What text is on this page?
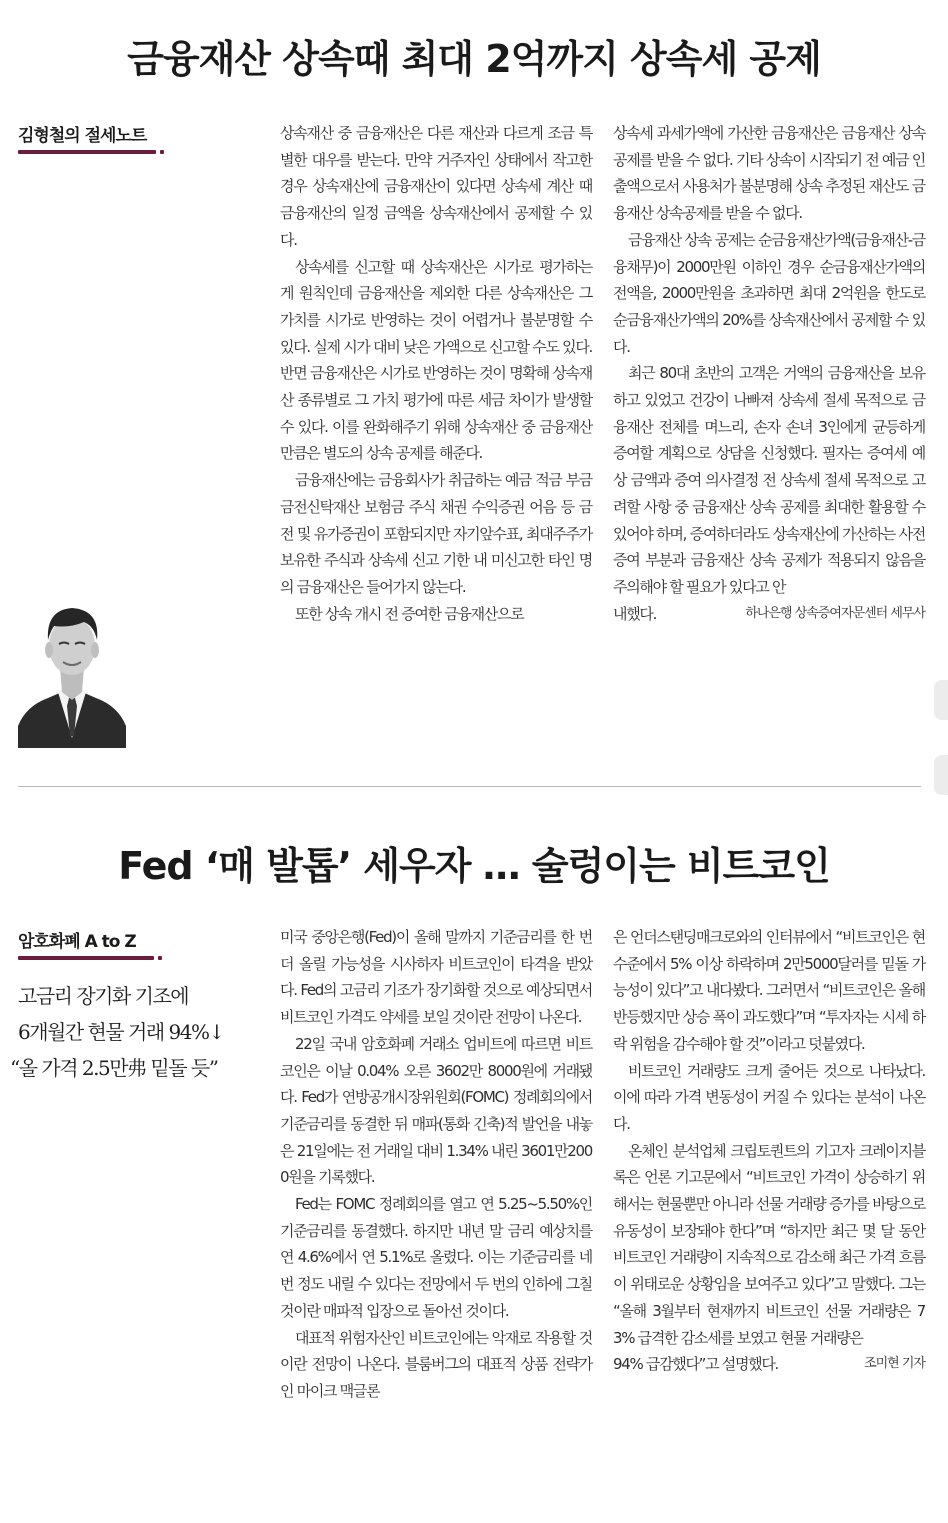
금융재산 상속때 최대 2억까지 상속세 공제
김형철의 절세노트	상속재산 중 금융재산은 다른 재산과 다르게 조금 특별한 대우를 받는다. 만약 거주자인 상태에서 작고한 경우 상속재산에 금융재산이 있다면 상속세 계산 때 금융재산의 일정 금액을 상속재산에서 공제할 수 있다.

상속세를 신고할 때 상속재산은 시가로 평가하는 게 원칙인데 금융재산을 제외한 다른 상속재산은 그 가치를 시가로 반영하는 것이 어렵거나 불분명할 수 있다. 실제 시가 대비 낮은 가액으로 신고할 수도 있다. 반면 금융재산은 시가로 반영하는 것이 명확해 상속재산 종류별로 그 가치 평가에 따른 세금 차이가 발생할 수 있다. 이를 완화해주기 위해 상속재산 중 금융재산만큼은 별도의 상속 공제를 해준다.

금융재산에는 금융회사가 취급하는 예금 적금 부금 금전신탁재산 보험금 주식 채권 수익증권 어음 등 금전 및 유가증권이 포함되지만 자기앞수표, 최대주주가 보유한 주식과 상속세 신고 기한 내 미신고한 타인 명의 금융재산은 들어가지 않는다.

또한 상속 개시 전 증여한 금융재산으로

상속세 과세가액에 가산한 금융재산은 금융재산 상속 공제를 받을 수 없다. 기타 상속이 시작되기 전 예금 인출액으로서 사용처가 불분명해 상속 추정된 재산도 금융재산 상속공제를 받을 수 없다.

금융재산 상속 공제는 순금융재산가액(금융재산-금융채무)이 2000만원 이하인 경우 순금융재산가액의 전액을, 2000만원을 초과하면 최대 2억원을 한도로 순금융재산가액의 20%를 상속재산에서 공제할 수 있다.

최근 80대 초반의 고객은 거액의 금융재산을 보유하고 있었고 건강이 나빠져 상속세 절세 목적으로 금융재산 전체를 며느리, 손자 손녀 3인에게 균등하게 증여할 계획으로 상담을 신청했다. 필자는 증여세 예상 금액과 증여 의사결정 전 상속세 절세 목적으로 고려할 사항 중 금융재산 상속 공제를 최대한 활용할 수 있어야 하며, 증여하더라도 상속재산에 가산하는 사전증여 부분과 금융재산 상속 공제가 적용되지 않음을 주의해야 할 필요가 있다고 안

내했다.	하나은행 상속증여자문센터 세무사
Fed ‘매 발톱’ 세우자 … 술렁이는 비트코인
암호화폐 A to Z
고금리 장기화 기조에
6개월간 현물 거래 94%↓
“올 가격 2.5만弗 밑돌 듯”

미국 중앙은행(Fed)이 올해 말까지 기준금리를 한 번 더 올릴 가능성을 시사하자 비트코인이 타격을 받았다. Fed의 고금리 기조가 장기화할 것으로 예상되면서 비트코인 가격도 약세를 보일 것이란 전망이 나온다.

22일 국내 암호화폐 거래소 업비트에 따르면 비트코인은 이날 0.04% 오른 3602만 8000원에 거래됐다. Fed가 연방공개시장위원회(FOMC) 정례회의에서 기준금리를 동결한 뒤 매파(통화 긴축)적 발언을 내놓은 21일에는 전 거래일 대비 1.34% 내린 3601만2000원을 기록했다.

Fed는 FOMC 정례회의를 열고 연 5.25~5.50%인 기준금리를 동결했다. 하지만 내년 말 금리 예상치를 연 4.6%에서 연 5.1%로 올렸다. 이는 기준금리를 네 번 정도 내릴 수 있다는 전망에서 두 번의 인하에 그칠 것이란 매파적 입장으로 돌아선 것이다.

대표적 위험자산인 비트코인에는 악재로 작용할 것이란 전망이 나온다. 블룸버그의 대표적 상품 전략가인 마이크 맥글론

은 언더스탠딩매크로와의 인터뷰에서 “비트코인은 현 수준에서 5% 이상 하락하며 2만5000달러를 밑돌 가능성이 있다”고 내다봤다. 그러면서 “비트코인은 올해 반등했지만 상승 폭이 과도했다”며 “투자자는 시세 하락 위험을 감수해야 할 것”이라고 덧붙였다.

비트코인 거래량도 크게 줄어든 것으로 나타났다. 이에 따라 가격 변동성이 커질 수 있다는 분석이 나온다.

온체인 분석업체 크립토퀀트의 기고자 크레이지블록은 언론 기고문에서 “비트코인 가격이 상승하기 위해서는 현물뿐만 아니라 선물 거래량 증가를 바탕으로 유동성이 보장돼야 한다”며 “하지만 최근 몇 달 동안 비트코인 거래량이 지속적으로 감소해 최근 가격 흐름이 위태로운 상황임을 보여주고 있다”고 말했다. 그는 “올해 3월부터 현재까지 비트코인 선물 거래량은 73% 급격한 감소세를 보였고 현물 거래량은

94% 급감했다”고 설명했다.	조미현 기자
